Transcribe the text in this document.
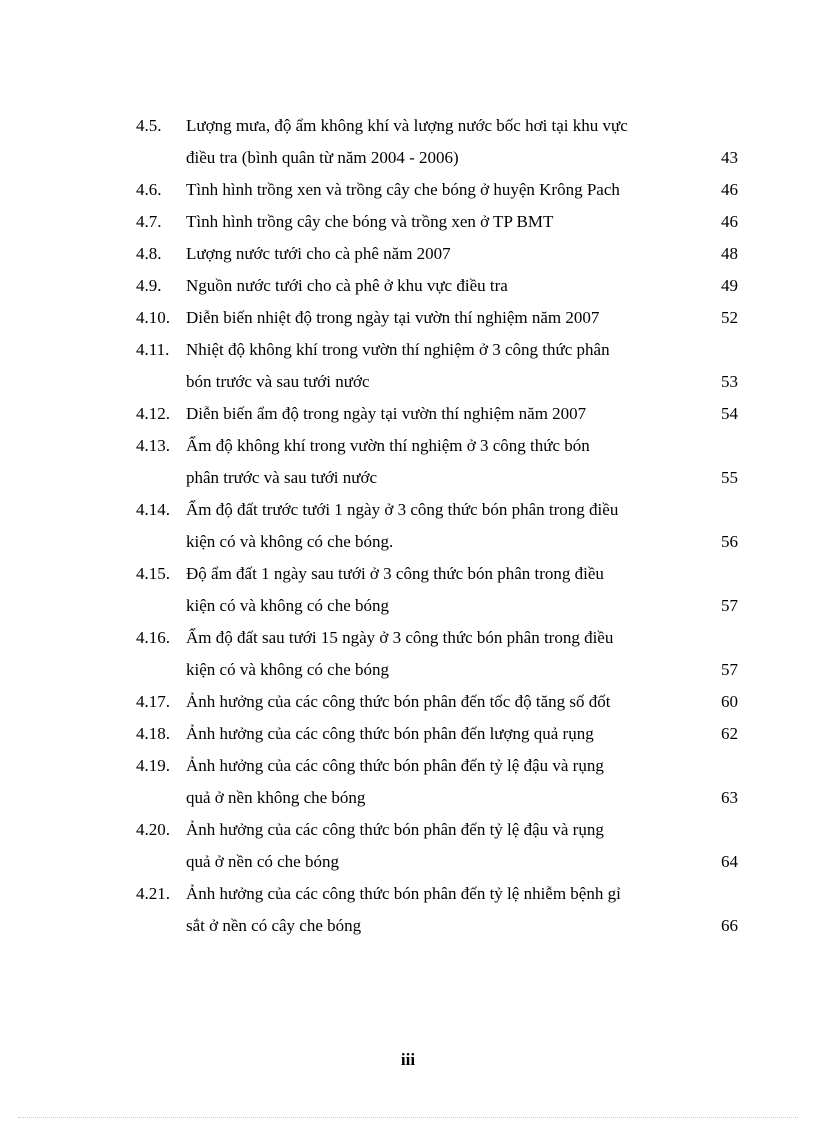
4.5. Lượng mưa, độ ẩm không khí và lượng nước bốc hơi tại khu vực
điều tra (bình quân từ năm 2004 - 2006)	43
4.6. Tình hình trồng xen và trồng cây che bóng ở huyện Krông Pach	46
4.7. Tình hình trồng cây che bóng và trồng xen ở TP BMT	46
4.8. Lượng nước tưới cho cà phê năm 2007	48
4.9. Nguồn nước tưới cho cà phê ở khu vực điều tra	49
4.10. Diễn biến nhiệt độ trong ngày tại vườn thí nghiệm năm 2007	52
4.11. Nhiệt độ không khí trong vườn thí nghiệm ở 3 công thức phân
bón trước và sau tưới nước	53
4.12. Diễn biến ẩm độ trong ngày tại vườn thí nghiệm năm 2007	54
4.13. Ẩm độ không khí trong vườn thí nghiệm ở 3 công thức bón
phân trước và sau tưới nước	55
4.14. Ẩm độ đất trước tưới 1 ngày ở 3 công thức bón phân trong điều
kiện có và không có che bóng.	56
4.15. Độ ẩm đất 1 ngày sau tưới ở 3 công thức bón phân trong điều
kiện có và không có che bóng	57
4.16. Ẩm độ đất sau tưới 15 ngày ở 3 công thức bón phân trong điều
kiện có và không có che bóng	57
4.17. Ảnh hưởng của các công thức bón phân đến tốc độ tăng số đốt	60
4.18. Ảnh hưởng của các công thức bón phân đến lượng quả rụng	62
4.19. Ảnh hưởng của các công thức bón phân đến tỷ lệ đậu và rụng
quả ở nền không che bóng	63
4.20. Ảnh hưởng của các công thức bón phân đến tỷ lệ đậu và rụng
quả ở nền có che bóng	64
4.21. Ảnh hưởng của các công thức bón phân đến tỷ lệ nhiễm bệnh gỉ
sắt ở nền có cây che bóng	66
iii
